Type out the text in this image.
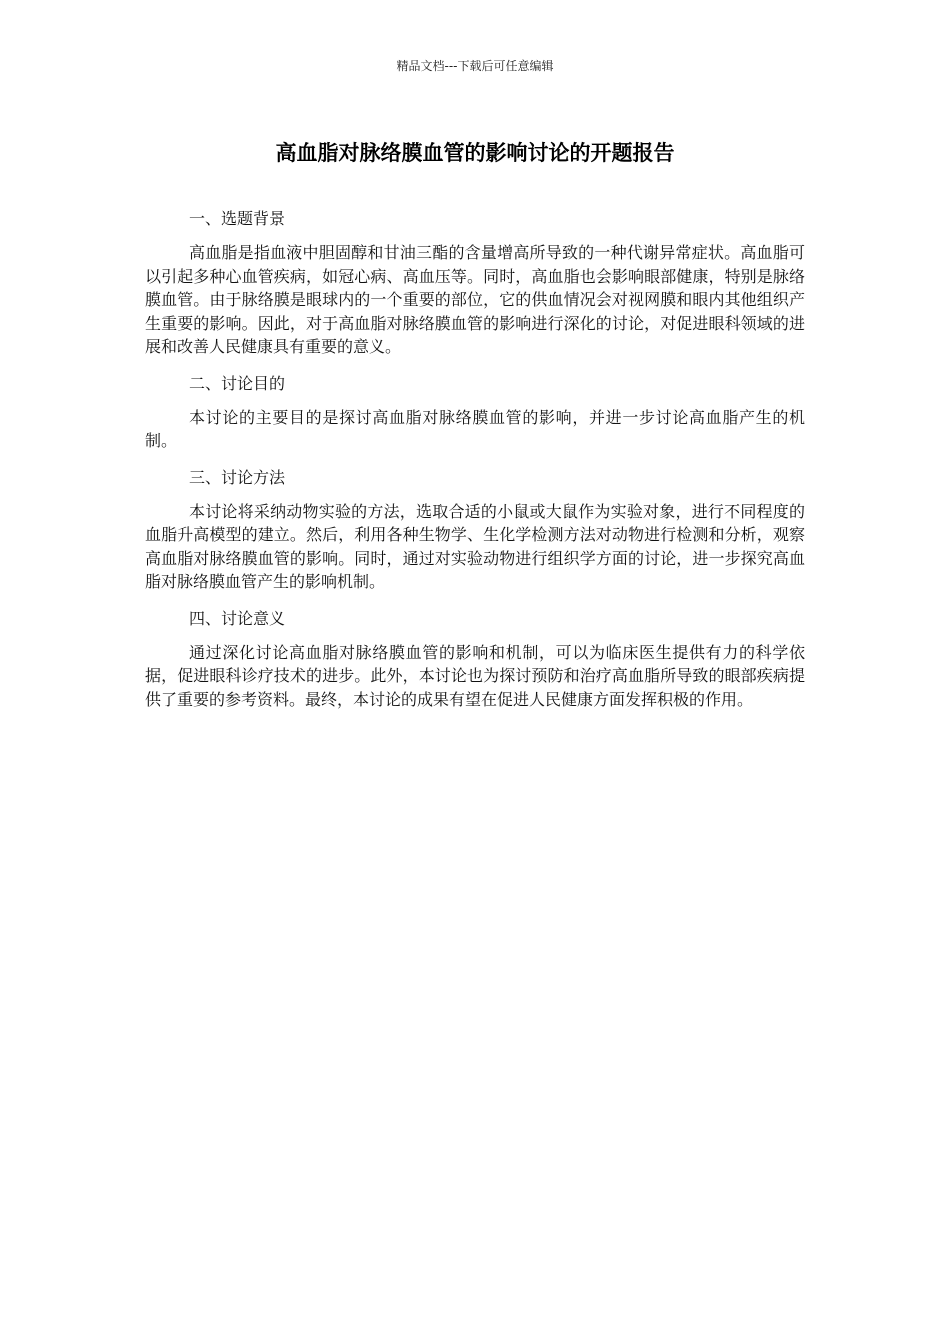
精品文档---下载后可任意编辑
高血脂对脉络膜血管的影响讨论的开题报告
一、选题背景

高血脂是指血液中胆固醇和甘油三酯的含量增高所导致的一种代谢异常症状。高血脂可以引起多种心血管疾病，如冠心病、高血压等。同时，高血脂也会影响眼部健康，特别是脉络膜血管。由于脉络膜是眼球内的一个重要的部位，它的供血情况会对视网膜和眼内其他组织产生重要的影响。因此，对于高血脂对脉络膜血管的影响进行深化的讨论，对促进眼科领域的进展和改善人民健康具有重要的意义。

二、讨论目的

本讨论的主要目的是探讨高血脂对脉络膜血管的影响，并进一步讨论高血脂产生的机制。

三、讨论方法

本讨论将采纳动物实验的方法，选取合适的小鼠或大鼠作为实验对象，进行不同程度的血脂升高模型的建立。然后，利用各种生物学、生化学检测方法对动物进行检测和分析，观察高血脂对脉络膜血管的影响。同时，通过对实验动物进行组织学方面的讨论，进一步探究高血脂对脉络膜血管产生的影响机制。

四、讨论意义

通过深化讨论高血脂对脉络膜血管的影响和机制，可以为临床医生提供有力的科学依据，促进眼科诊疗技术的进步。此外，本讨论也为探讨预防和治疗高血脂所导致的眼部疾病提供了重要的参考资料。最终，本讨论的成果有望在促进人民健康方面发挥积极的作用。
